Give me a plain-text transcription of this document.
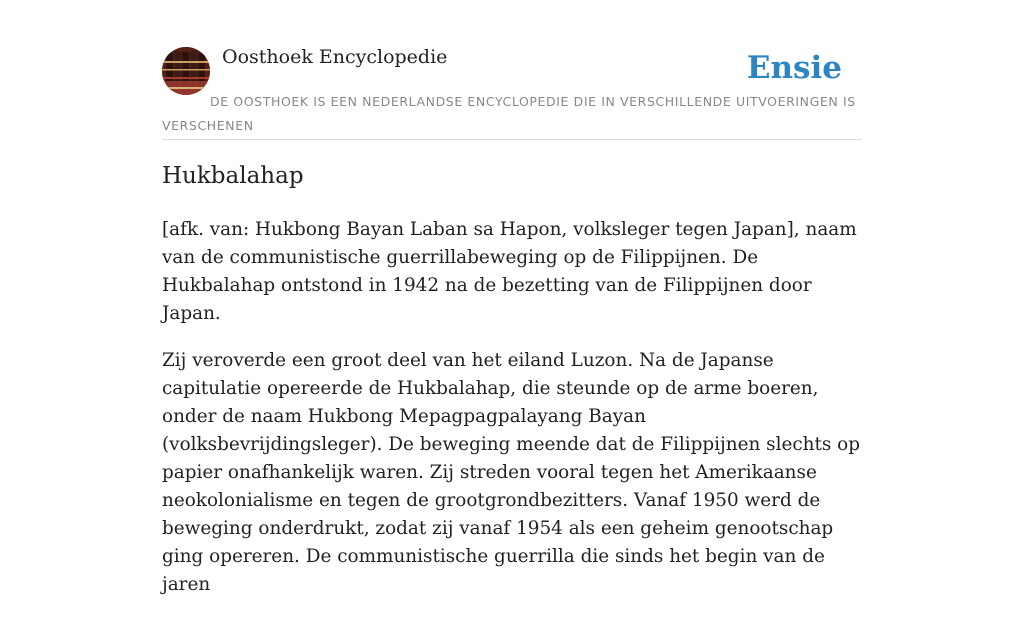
Oosthoek Encyclopedie	Ensie

DE OOSTHOEK IS EEN NEDERLANDSE ENCYCLOPEDIE DIE IN VERSCHILLENDE UITVOERINGEN IS VERSCHENEN

Hukbalahap

[afk. van: Hukbong Bayan Laban sa Hapon, volksleger tegen Japan], naam van de communistische guerrillabeweging op de Filippijnen. De Hukbalahap ontstond in 1942 na de bezetting van de Filippijnen door Japan.

Zij veroverde een groot deel van het eiland Luzon. Na de Japanse capitulatie opereerde de Hukbalahap, die steunde op de arme boeren, onder de naam Hukbong Mepagpagpalayang Bayan (volksbevrijdingsleger). De beweging meende dat de Filippijnen slechts op papier onafhankelijk waren. Zij streden vooral tegen het Amerikaanse neokolonialisme en tegen de grootgrondbezitters. Vanaf 1950 werd de beweging onderdrukt, zodat zij vanaf 1954 als een geheim genootschap ging opereren. De communistische guerrilla die sinds het begin van de jaren
